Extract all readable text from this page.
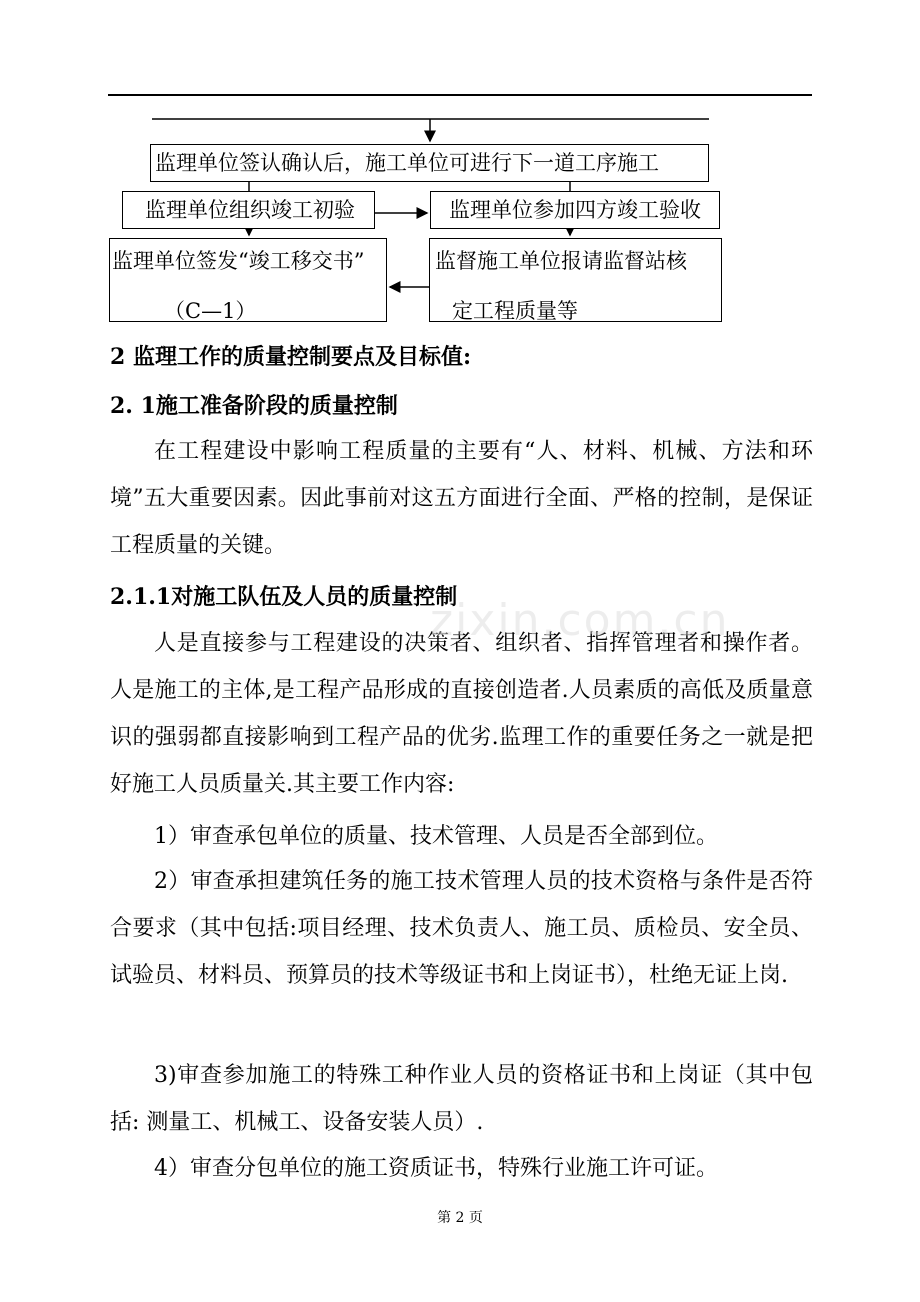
监理单位签认确认后，施工单位可进行下一道工序施工
监理单位组织竣工初验	监理单位参加四方竣工验收
监理单位签发“竣工移交书”
（C—1）
监督施工单位报请监督站核
定工程质量等
2 监理工作的质量控制要点及目标值:
2. 1施工准备阶段的质量控制
在工程建设中影响工程质量的主要有“人、材料、机械、方法和环境”五大重要因素。因此事前对这五方面进行全面、严格的控制，是保证工程质量的关键。
2.1.1对施工队伍及人员的质量控制
人是直接参与工程建设的决策者、组织者、指挥管理者和操作者。人是施工的主体,是工程产品形成的直接创造者.人员素质的高低及质量意识的强弱都直接影响到工程产品的优劣.监理工作的重要任务之一就是把好施工人员质量关.其主要工作内容:
1）审查承包单位的质量、技术管理、人员是否全部到位。
2）审查承担建筑任务的施工技术管理人员的技术资格与条件是否符合要求（其中包括:项目经理、技术负责人、施工员、质检员、安全员、试验员、材料员、预算员的技术等级证书和上岗证书），杜绝无证上岗.
3)审查参加施工的特殊工种作业人员的资格证书和上岗证（其中包括: 测量工、机械工、设备安装人员）.
4）审查分包单位的施工资质证书，特殊行业施工许可证。
zixin.com.cn
第 2 页
